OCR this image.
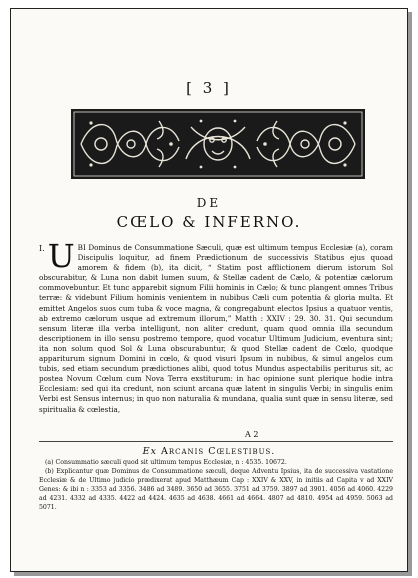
[ 3 ]
DE
CŒLO & INFERNO.
I. U BI Dominus de Consummatione Sæculi, quæ est ultimum tempus Ecclesiæ (a), coram Discipulis loquitur, ad finem Prædictionum de successivis Statibus ejus quoad amorem & fidem (b), ita dicit, “ Statim post afflictionem dierum istorum Sol obscurabitur, & Luna non dabit lumen suum, & Stellæ cadent de Cælo, & potentiæ cælorum commovebuntur. Et tunc apparebit signum Filii hominis in Cælo; & tunc plangent omnes Tribus terræ: & videbunt Filium hominis venientem in nubibus Cæli cum potentia & gloria multa. Et emittet Angelos suos cum tuba & voce magna, & congregabunt electos Ipsius a quatuor ventis, ab extremo cælorum usque ad extremum illorum,” Matth : XXIV : 29. 30. 31. Qui secundum sensum literæ illa verba intelligunt, non aliter credunt, quam quod omnia illa secundum descriptionem in illo sensu postremo tempore, quod vocatur Ultimum Judicium, eventura sint; ita non solum quod Sol & Luna obscurabuntur, & quod Stellæ cadent de Cœlo, quodque appariturum signum Domini in cœlo, & quod visuri Ipsum in nubibus, & simul angelos cum tubis, sed etiam secundum prædictiones alibi, quod totus Mundus aspectabilis periturus sit, ac postea Novum Cœlum cum Nova Terra exstiturum: in hac opinione sunt plerique hodie intra Ecclesiam: sed qui ita credunt, non sciunt arcana quæ latent in singulis Verbi; in singulis enim Verbi est Sensus internus; in quo non naturalia & mundana, qualia sunt quæ in sensu literæ, sed spiritualia & cœlestia,
A 2
Ex Arcanis Cœlestibus.

(a) Consummatio sæculi quod sit ultimum tempus Ecclesiæ, n : 4535. 10672.

(b) Explicantur quæ Dominus de Consummatione sæculi, deque Adventu Ipsius, ita de successiva vastatione Ecclesiæ & de Ultimo judicio prædixerat apud Matthæum Cap : XXIV & XXV, in initiis ad Capita v ad XXIV Genes: & ibi n : 3353 ad 3356. 3486 ad 3489. 3650 ad 3655. 3751 ad 3759. 3897 ad 3901. 4056 ad 4060. 4229 ad 4231. 4332 ad 4335. 4422 ad 4424. 4635 ad 4638. 4661 ad 4664. 4807 ad 4810. 4954 ad 4959. 5063 ad 5071.
